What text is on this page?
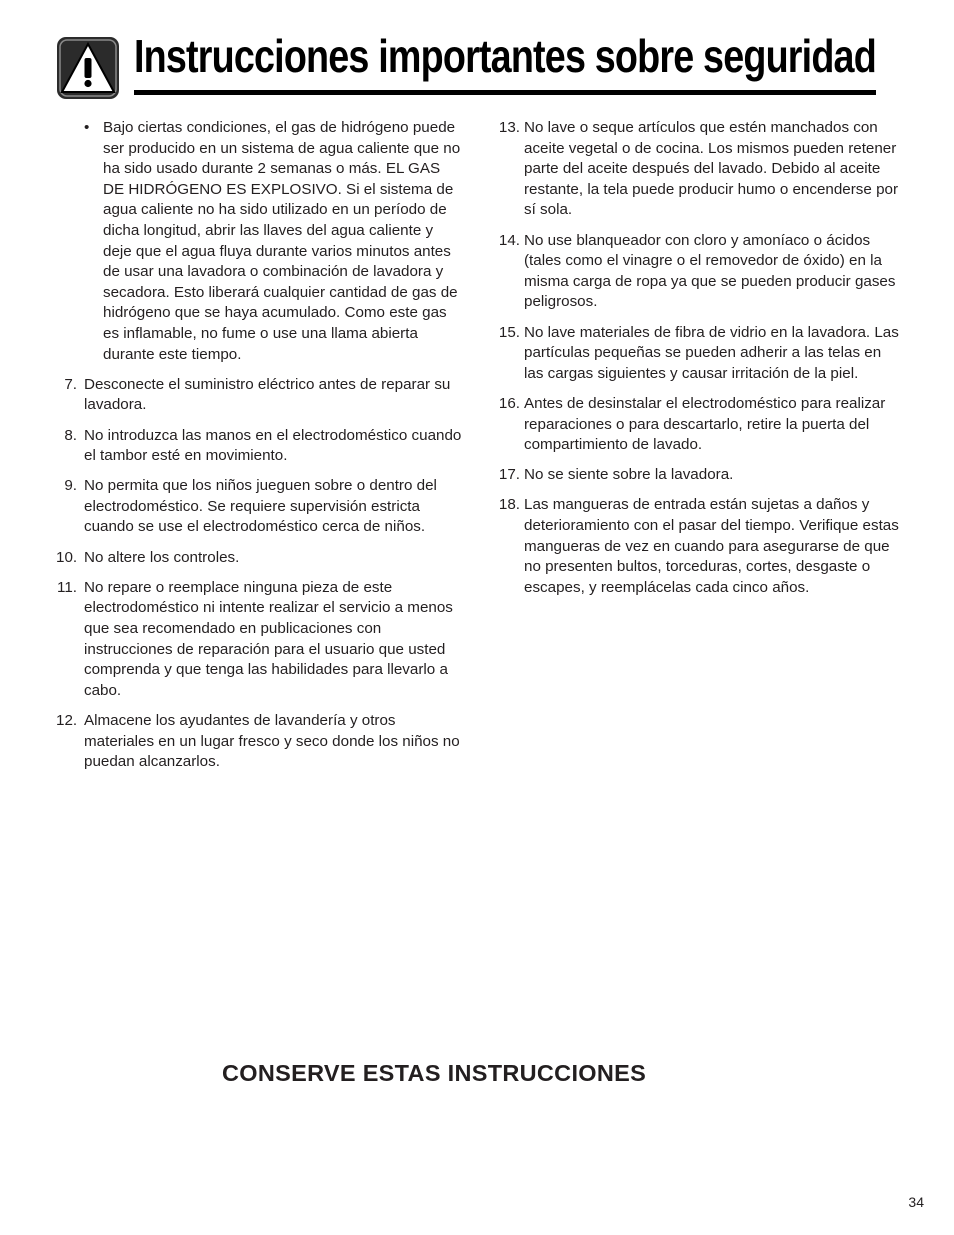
Instrucciones importantes sobre seguridad
• Bajo ciertas condiciones, el gas de hidrógeno puede ser producido en un sistema de agua caliente que no ha sido usado durante 2 semanas o más. EL GAS DE HIDRÓGENO ES EXPLOSIVO. Si el sistema de agua caliente no ha sido utilizado en un período de dicha longitud, abrir las llaves del agua caliente y deje que el agua fluya durante varios minutos antes de usar una lavadora o combinación de lavadora y secadora. Esto liberará cualquier cantidad de gas de hidrógeno que se haya acumulado. Como este gas es inflamable, no fume o use una llama abierta durante este tiempo.
7. Desconecte el suministro eléctrico antes de reparar su lavadora.
8. No introduzca las manos en el electrodoméstico cuando el tambor esté en movimiento.
9. No permita que los niños jueguen sobre o dentro del electrodoméstico. Se requiere supervisión estricta cuando se use el electrodoméstico cerca de niños.
10. No altere los controles.
11. No repare o reemplace ninguna pieza de este electrodoméstico ni intente realizar el servicio a menos que sea recomendado en publicaciones con instrucciones de reparación para el usuario que usted comprenda y que tenga las habilidades para llevarlo a cabo.
12. Almacene los ayudantes de lavandería y otros materiales en un lugar fresco y seco donde los niños no puedan alcanzarlos.
13. No lave o seque artículos que estén manchados con aceite vegetal o de cocina. Los mismos pueden retener parte del aceite después del lavado. Debido al aceite restante, la tela puede producir humo o encenderse por sí sola.
14. No use blanqueador con cloro y amoníaco o ácidos (tales como el vinagre o el removedor de óxido) en la misma carga de ropa ya que se pueden producir gases peligrosos.
15. No lave materiales de fibra de vidrio en la lavadora. Las partículas pequeñas se pueden adherir a las telas en las cargas siguientes y causar irritación de la piel.
16. Antes de desinstalar el electrodoméstico para realizar reparaciones o para descartarlo, retire la puerta del compartimiento de lavado.
17. No se siente sobre la lavadora.
18. Las mangueras de entrada están sujetas a daños y deterioramiento con el pasar del tiempo. Verifique estas mangueras de vez en cuando para asegurarse de que no presenten bultos, torceduras, cortes, desgaste o escapes, y reemplácelas cada cinco años.
CONSERVE ESTAS INSTRUCCIONES
34
